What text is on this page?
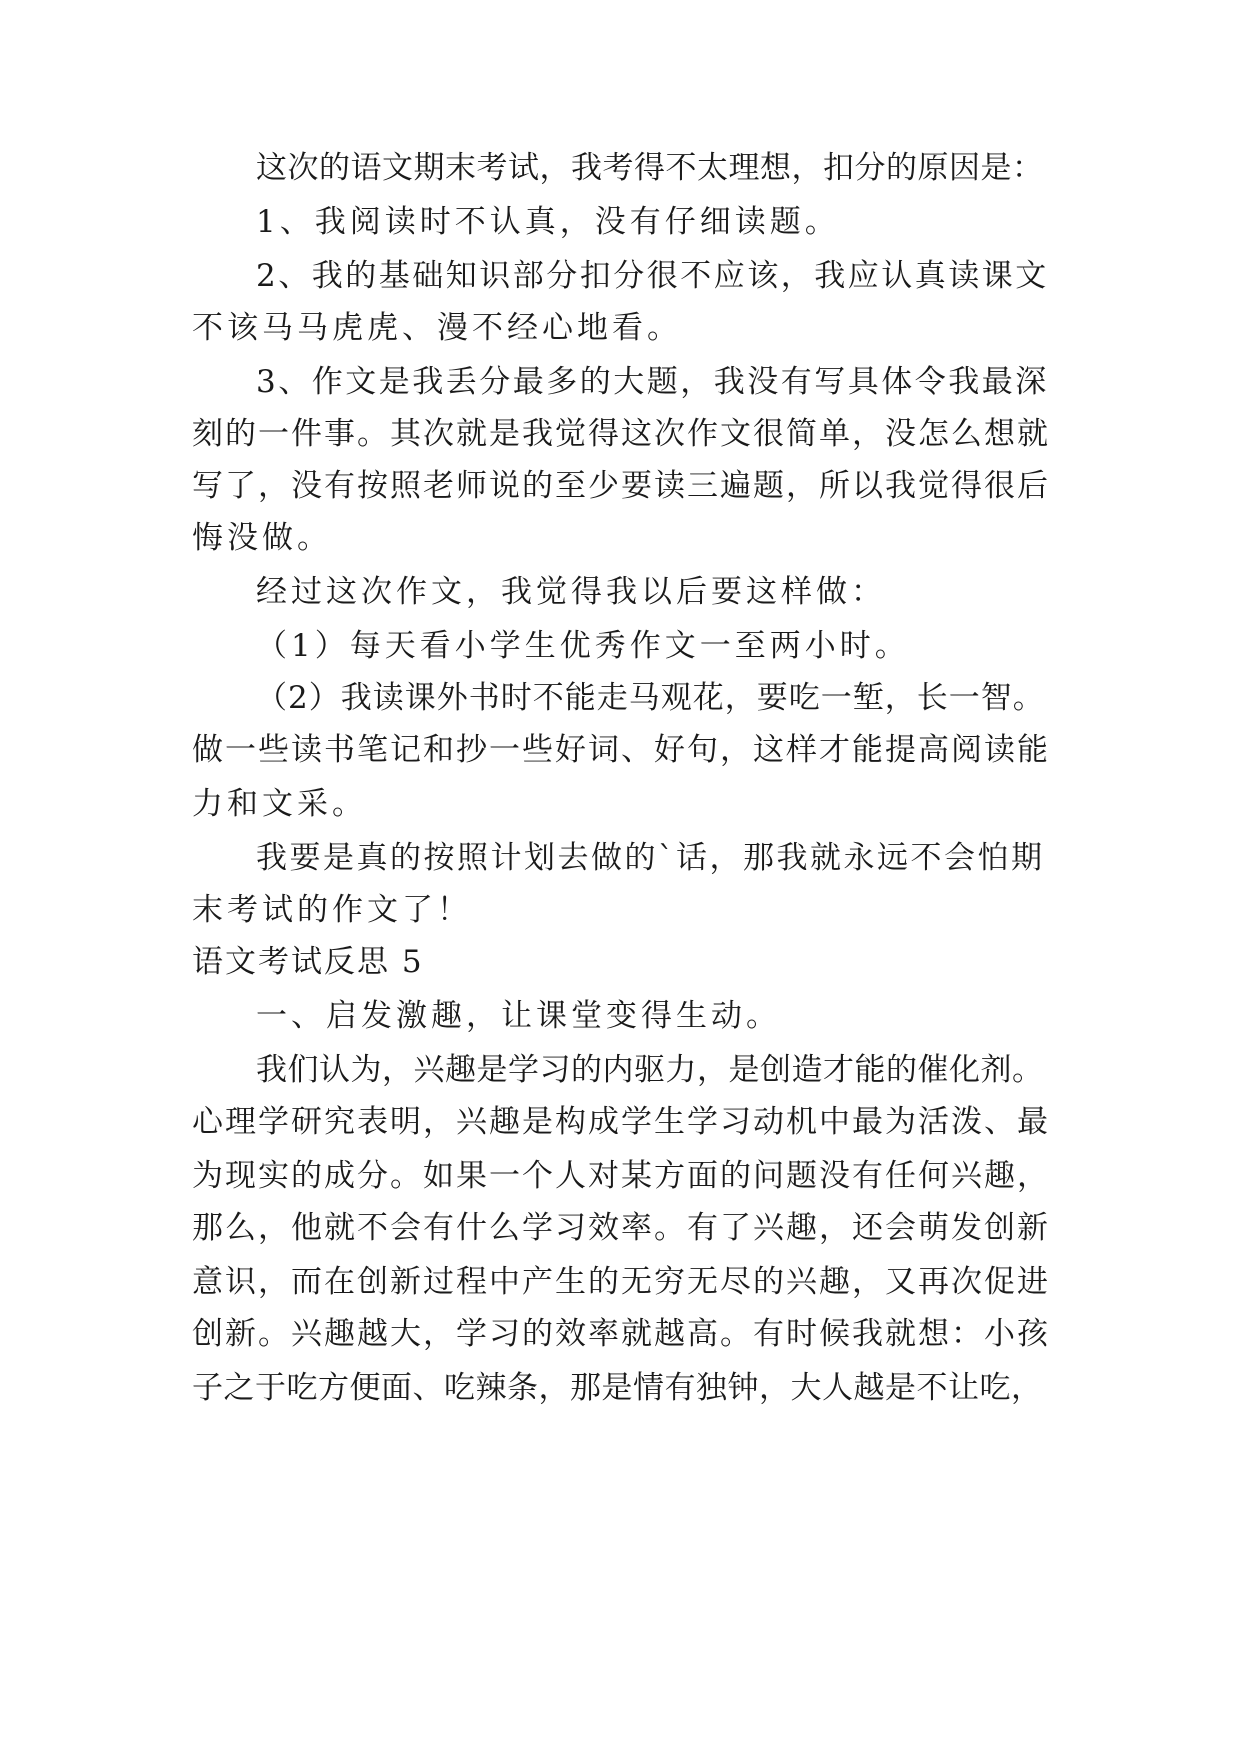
这次的语文期末考试，我考得不太理想，扣分的原因是：
1、我阅读时不认真，没有仔细读题。
2、我的基础知识部分扣分很不应该，我应认真读课文
不该马马虎虎、漫不经心地看。
3、作文是我丢分最多的大题，我没有写具体令我最深
刻的一件事。其次就是我觉得这次作文很简单，没怎么想就
写了，没有按照老师说的至少要读三遍题，所以我觉得很后
悔没做。
经过这次作文，我觉得我以后要这样做：
（1）每天看小学生优秀作文一至两小时。
（2）我读课外书时不能走马观花，要吃一堑，长一智。
做一些读书笔记和抄一些好词、好句，这样才能提高阅读能
力和文采。
我要是真的按照计划去做的`话，那我就永远不会怕期
末考试的作文了！
语文考试反思 5
一、启发激趣，让课堂变得生动。
我们认为，兴趣是学习的内驱力，是创造才能的催化剂。
心理学研究表明，兴趣是构成学生学习动机中最为活泼、最
为现实的成分。如果一个人对某方面的问题没有任何兴趣，
那么，他就不会有什么学习效率。有了兴趣，还会萌发创新
意识，而在创新过程中产生的无穷无尽的兴趣，又再次促进
创新。兴趣越大，学习的效率就越高。有时候我就想：小孩
子之于吃方便面、吃辣条，那是情有独钟，大人越是不让吃，
